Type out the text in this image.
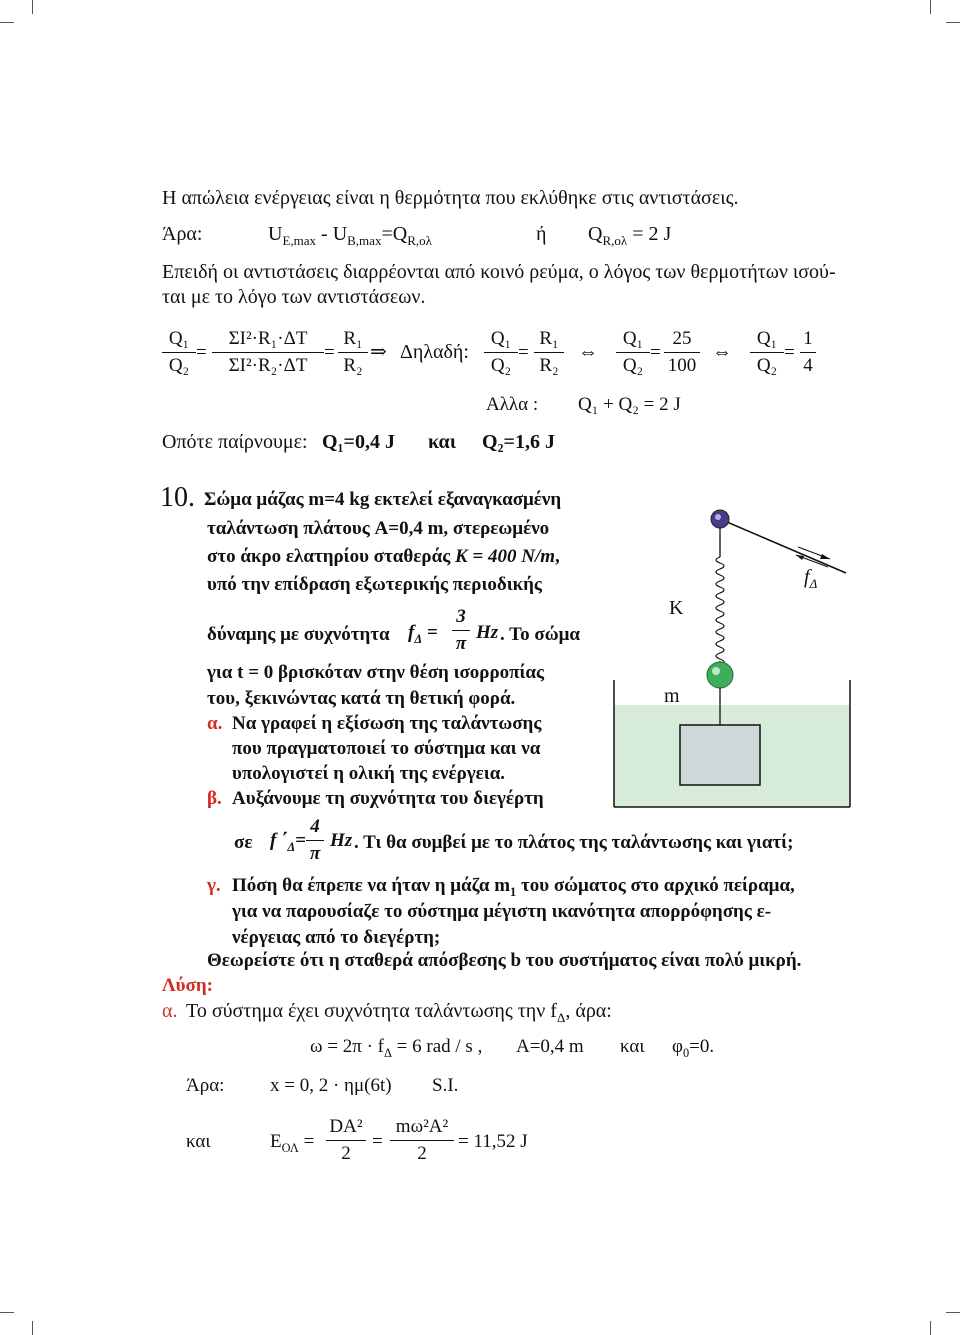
Η απώλεια ενέργειας είναι η θερμότητα που εκλύθηκε στις αντιστάσεις.
Άρα:	$U_{E,max} - U_{B,max}=Q_{R,o\lambda}$	ή $Q_{R,o\lambda} = 2$ J
Επειδή οι αντιστάσεις διαρρέονται από κοινό ρεύμα, ο λόγος των θερμοτήτων ισού-
ται με το λόγο των αντιστάσεων.
Q₁
Q₂
=
ΣI²·R₁·ΔT
ΣI²·R₂·ΔT
=
R₁
R₂
⇒ Δηλαδή:
Q₁
Q₂
=
R₁
R₂
⇔
Q₁
Q₂
=
25
100
⇔
Q₁
Q₂
=
1
4
Αλλα : Q₁ + Q₂ = 2 J
Οπότε παίρνουμε: Q₁=0,4 J και Q₂=1,6 J
10. Σώμα μάζας m=4 kg εκτελεί εξαναγκασμένη
ταλάντωση πλάτους A=0,4 m, στερεωμένο
στο άκρο ελατηρίου σταθεράς K = 400 N/m,
υπό την επίδραση εξωτερικής περιοδικής
δύναμης με συχνότητα $f_\Delta$ =
3
π
Hz . Το σώμα
για t = 0 βρισκόταν στην θέση ισορροπίας
του, ξεκινώντας κατά τη θετική φορά.
α. Να γραφεί η εξίσωση της ταλάντωσης
που πραγματοποιεί το σύστημα και να
υπολογιστεί η ολική της ενέργεια.
β. Αυξάνουμε τη συχνότητα του διεγέρτη
σε f $΄_\Delta=$
4
π
Hz . Τι θα συμβεί με το πλάτος της ταλάντωσης και γιατί;
γ. Πόση θα έπρεπε να ήταν η μάζα $m_1$ του σώματος στο αρχικό πείραμα,
για να παρουσίαζε το σύστημα μέγιστη ικανότητα απορρόφησης ε-
νέργειας από το διεγέρτη;
Θεωρείστε ότι η σταθερά απόσβεσης b του συστήματος είναι πολύ μικρή.
K
m
$f_\Delta$
Λύση:
α. Το σύστημα έχει συχνότητα ταλάντωσης την $f_\Delta$, άρα:
$\omega = 2\pi \cdot f_\Delta = 6$ rad / s , A=0,4 m και $\varphi_0=0$.
Άρα: x = 0, 2 · ημ(6t) S.I.
και	$E_{O\Lambda}$ =
DA²
2
=
mω²A²
2
= 11,52 J
